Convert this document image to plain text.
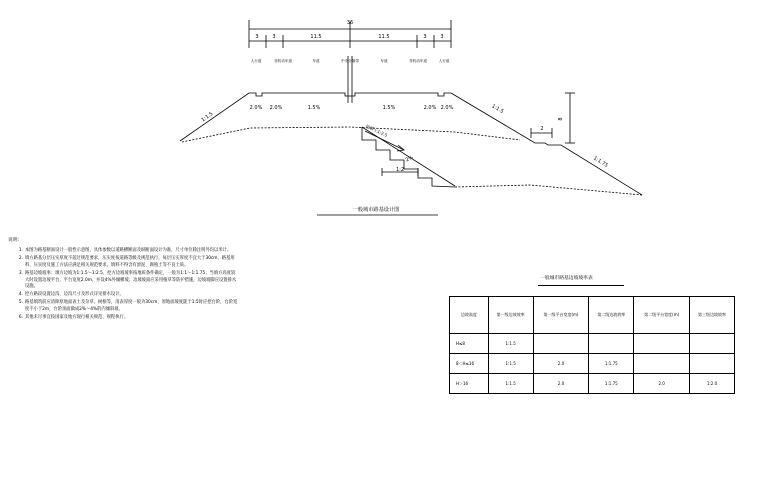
36
3	3	11.5	11.5	3	3
人行道	非机动车道	车道	中央分隔带	车道	非机动车道	人行道
2.0% 2.0%	1.5%	1.5%	2.0% 2.0%
1:1.5
1:1.5
2
8
1:1.75
回填土1:2.5
2%
1:2
一般城市路基设计图
说明：
1. 本图为路基断面设计一般性示意图，具体参数以道路横断面及纵断面设计为准，尺寸单位除注明外均以米计。
2. 填方路基分层压实厚度不超过规范要求，压实度按道路等级及规范执行，每层压实厚度不宜大于30cm，路基用料、压实度及施工方法应满足相关规范要求，填料不得含有淤泥、腐殖土等不良土质。
3. 路基边坡坡率：填方边坡为1:1.5～1:2.5，挖方边坡坡率按地质条件确定，一般为1:1～1:1.75；当填方高度较大时设置边坡平台，平台宽度2.0m，并设4%外倾横坡；边坡坡面应采用植草等防护措施，边坡坡脚应设置排水设施。
4. 挖方路段设置边沟，边沟尺寸及形式详见排水设计。
5. 路基填筑前应清除原地面表土及杂草、树根等，清表厚度一般为30cm，原地面坡度陡于1:5时应挖台阶，台阶宽度不小于2m，台阶顶面做成2%～4%的内倾斜坡。
6. 其他未尽事宜按国家及地方现行相关规范、规程执行。
一般城市路基边坡坡率表
边坡高度	第一级边坡坡率	第一级平台宽度(m)	第二级边坡坡率	第二级平台宽度(m)	第三级边坡坡率
H≤8	1:1.5				
8＜H≤16	1:1.5	2.0	1:1.75		
H＞16	1:1.5	2.0	1:1.75	2.0	1:2.0
